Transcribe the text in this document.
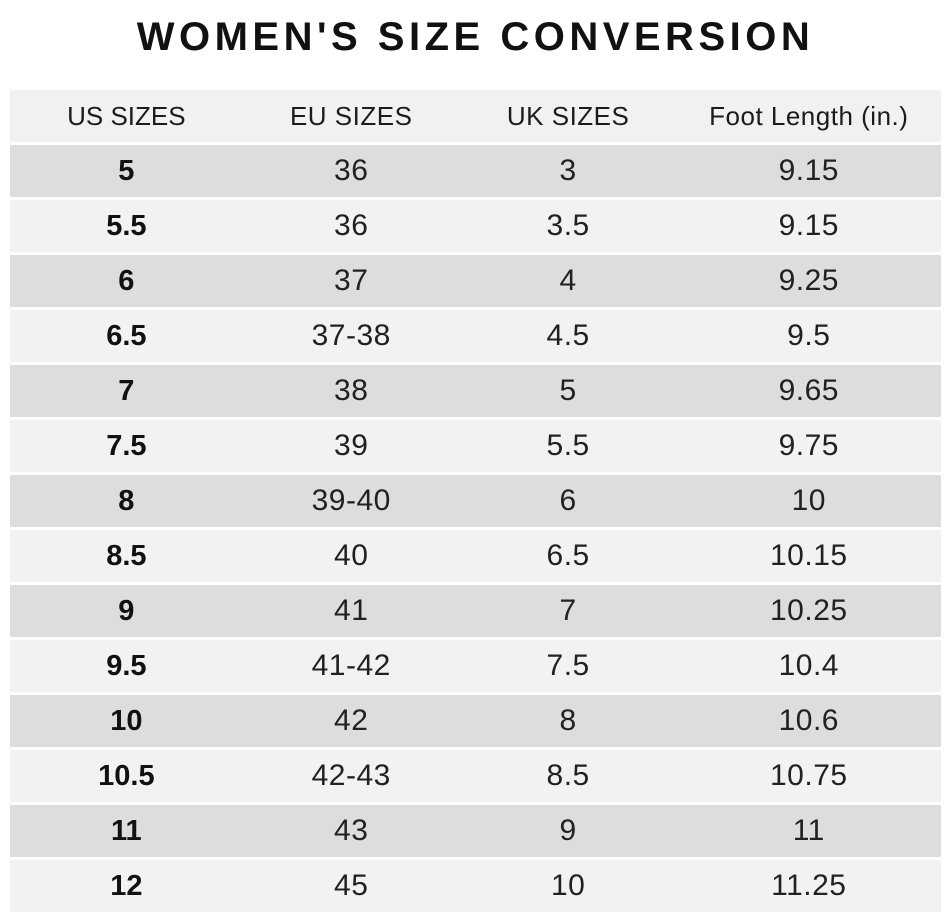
WOMEN'S SIZE CONVERSION
US SIZES	EU SIZES	UK SIZES	Foot Length (in.)
5	36	3	9.15
5.5	36	3.5	9.15
6	37	4	9.25
6.5	37-38	4.5	9.5
7	38	5	9.65
7.5	39	5.5	9.75
8	39-40	6	10
8.5	40	6.5	10.15
9	41	7	10.25
9.5	41-42	7.5	10.4
10	42	8	10.6
10.5	42-43	8.5	10.75
11	43	9	11
12	45	10	11.25
